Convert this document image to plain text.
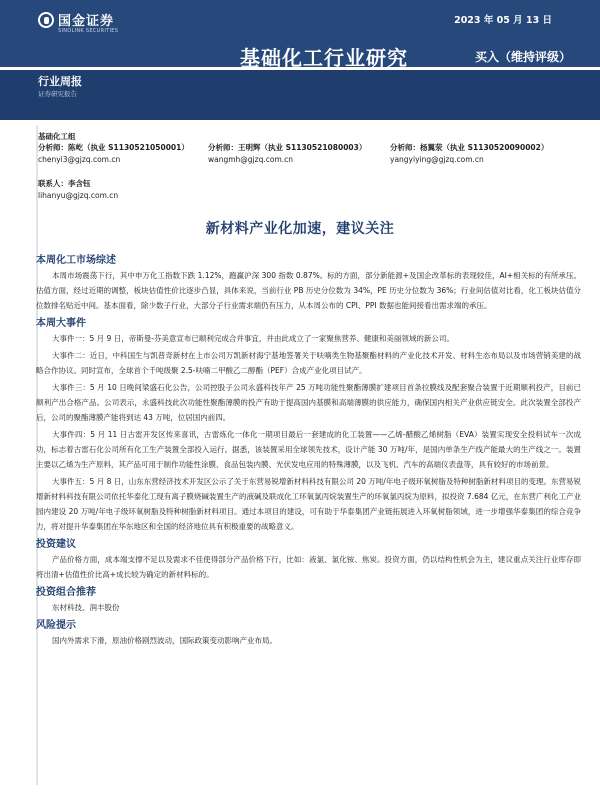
国金证券
SINOLINK SECURITIES
2023 年 05 月 13 日
基础化工行业研究	买入（维持评级）
行业周报
证券研究报告
基础化工组
分析师：陈屹（执业 S1130521050001）
chenyi3@gjzq.com.cn
分析师：王明辉（执业 S1130521080003）
wangmh@gjzq.com.cn
分析师：杨翼荥（执业 S1130520090002）
yangyiying@gjzq.com.cn
联系人：李含钰
lihanyu@gjzq.com.cn
新材料产业化加速，建议关注
本周化工市场综述

本周市场震荡下行，其中申万化工指数下跌 1.12%，跑赢沪深 300 指数 0.87%。标的方面，部分新能源+及国企改革标的表现较佳，AI+相关标的有所承压。估值方面，经过近期的调整，板块估值性价比逐步凸显，具体来说，当前行业 PB 历史分位数为 34%，PE 历史分位数为 36%；行业间估值对比看，化工板块估值分位数排名贴近中间。基本面看，除少数子行业，大部分子行业需求端仍有压力，从本周公布的 CPI、PPI 数据也能间接看出需求端的承压。

本周大事件

大事件一：5 月 9 日，帝斯曼-芬美意宣布已顺利完成合并事宜，并由此成立了一家聚焦营养、健康和美丽领域的新公司。

大事件二：近日，中科国生与凯普奇新材在上市公司万凯新材海宁基地签署关于呋喃类生物基聚酯材料的产业化技术开发、材料生态布局以及市场营销美建的战略合作协议。同时宣布，全球首个千吨级聚 2.5-呋喃二甲酸乙二醇酯（PEF）合成产业化项目试产。

大事件三：5 月 10 日晚间梁盛石化公告，公司控股子公司永盛科技年产 25 万吨功能性聚酯薄膜扩建项目首条拉膜线及配套聚合装置于近期顺利投产，目前已顺利产出合格产品。公司表示，永盛科技此次功能性聚酯薄膜的投产有助于提高国内基膜和高端薄膜的供应能力，确保国内相关产业供应链安全。此次装置全部投产后，公司的聚酯薄膜产能将到达 43 万吨，位居国内前四。

大事件四：5 月 11 日古雷开发区传来喜讯，古雷炼化一体化一期项目最后一套建成的化工装置——乙烯-醋酸乙烯树脂（EVA）装置实现安全投料试车一次成功，标志着古雷石化公司所有化工生产装置全部投入运行。据悉，该装置采用全球领先技术，设计产能 30 万吨/年，是国内单条生产线产能最大的生产线之一。装置主要以乙烯为生产原料，其产品可用于制作功能性涂膜、食品包装内膜、光伏发电应用的特殊薄膜，以及飞机、汽车的高端仪表盘等，具有较好的市场前景。

大事件五：5 月 8 日，山东东营经济技术开发区公示了关于东营易锐增新材料科技有限公司 20 万吨/年电子级环氧树脂及特种树脂新材料项目的变理。东营易锐增新材料科技有限公司依托华泰化工现有离子膜烧碱装置生产的液碱及联成化工环氧氯丙烷装置生产的环氧氯丙烷为原料，拟投资 7.684 亿元，在东营广利化工产业园内建设 20 万吨/年电子级环氧树脂及特种树脂新材料项目。通过本项目的建设，可有助于华泰集团产业链拓展进入环氧树脂领域，进一步增强华泰集团的综合竞争力，将对提升华泰集团在华东地区和全国的经济地位具有积极重要的战略意义。

投资建议

产品价格方面，成本端支撑不足以及需求不佳使得部分产品价格下行，比如：液氯、氯化铵、焦炭。投资方面，仍以结构性机会为主，建议重点关注行业库存即将出清+估值性价比高+成长较为确定的新材料标的。

投资组合推荐

东材科技、润丰股份

风险提示

国内外需求下滑，原油价格剧烈波动，国际政策变动影响产业布局。
